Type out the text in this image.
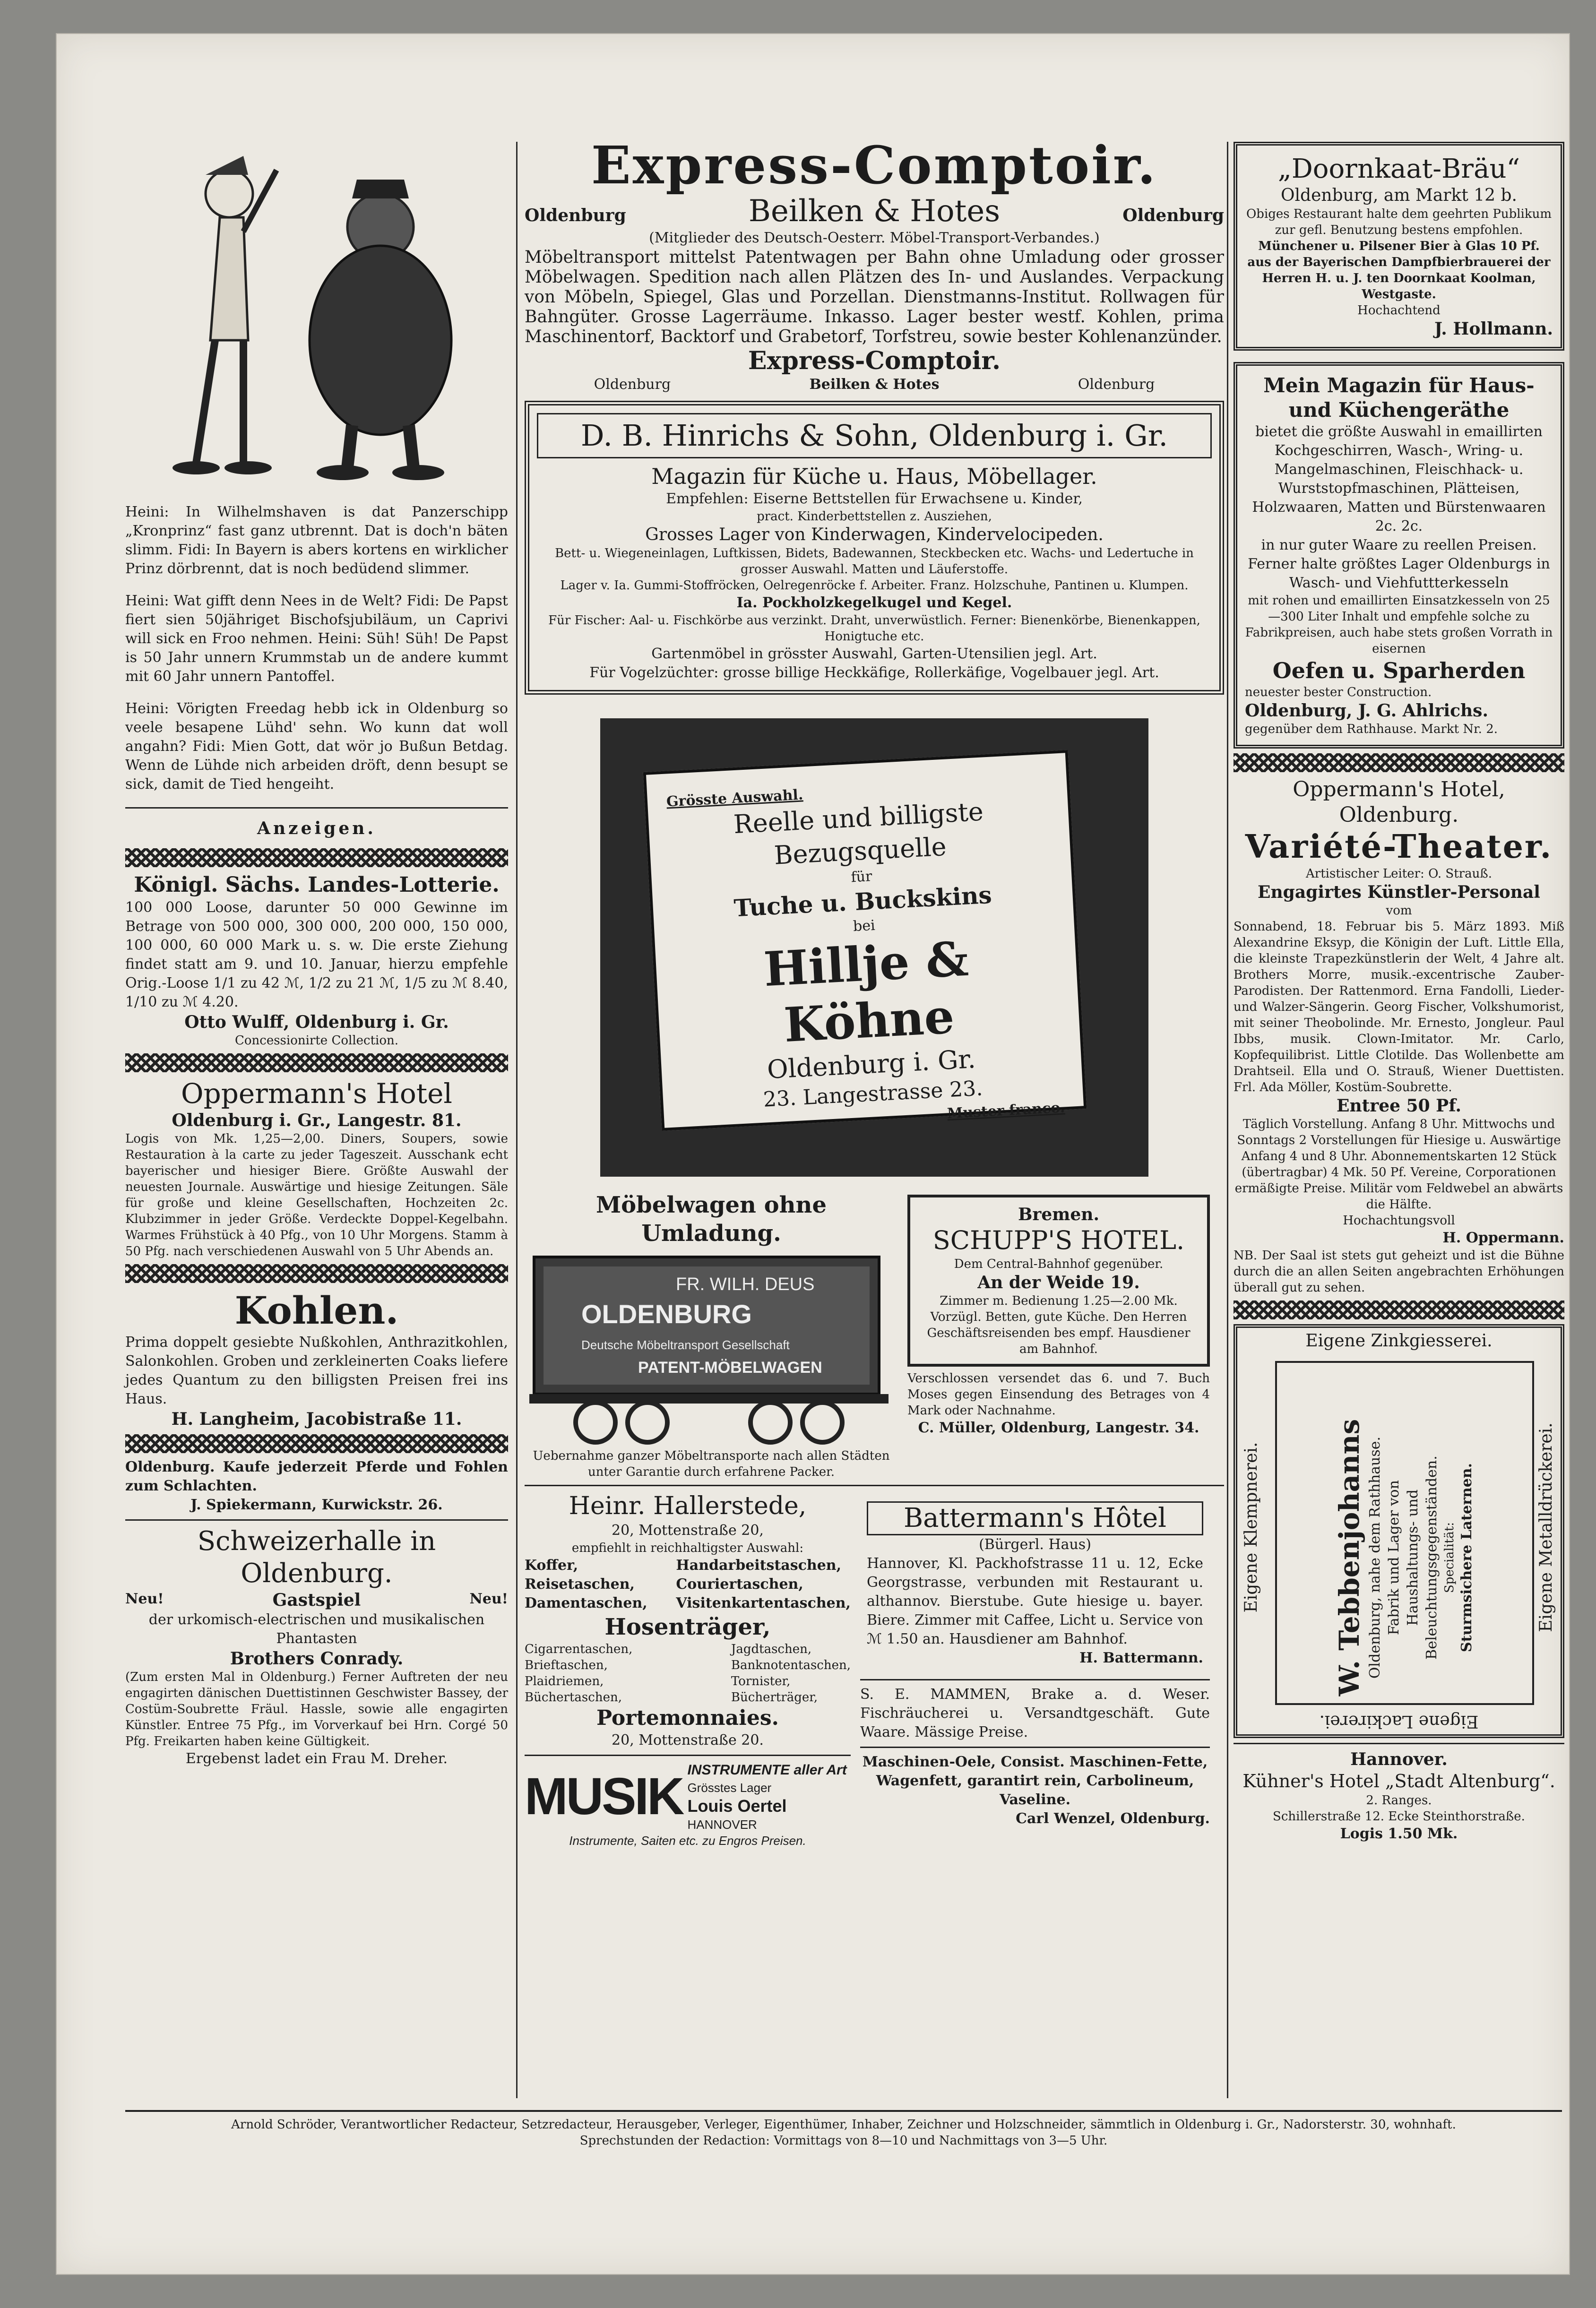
Heini: In Wilhelmshaven is dat Panzerschipp „Kronprinz“ fast ganz utbrennt. Dat is doch'n bäten slimm. Fidi: In Bayern is abers kortens en wirklicher Prinz dörbrennt, dat is noch bedüdend slimmer.

Heini: Wat gifft denn Nees in de Welt? Fidi: De Papst fiert sien 50jähriget Bischofsjubiläum, un Caprivi will sick en Froo nehmen. Heini: Süh! Süh! De Papst is 50 Jahr unnern Krummstab un de andere kummt mit 60 Jahr unnern Pantoffel.

Heini: Vörigten Freedag hebb ick in Oldenburg so veele besapene Lühd' sehn. Wo kunn dat woll angahn? Fidi: Mien Gott, dat wör jo Bußun Betdag. Wenn de Lühde nich arbeiden dröft, denn besupt se sick, damit de Tied hengeiht.

Anzeigen.
Königl. Sächs. Landes-Lotterie.

100 000 Loose, darunter 50 000 Gewinne im Betrage von 500 000, 300 000, 200 000, 150 000, 100 000, 60 000 Mark u. s. w. Die erste Ziehung findet statt am 9. und 10. Januar, hierzu empfehle Orig.-Loose 1/1 zu 42 ℳ, 1/2 zu 21 ℳ, 1/5 zu ℳ 8.40, 1/10 zu ℳ 4.20.

Otto Wulff, Oldenburg i. Gr.
Concessionirte Collection.
Oppermann's Hotel
Oldenburg i. Gr., Langestr. 81.

Logis von Mk. 1,25—2,00. Diners, Soupers, sowie Restauration à la carte zu jeder Tageszeit. Ausschank echt bayerischer und hiesiger Biere. Größte Auswahl der neuesten Journale. Auswärtige und hiesige Zeitungen. Säle für große und kleine Gesellschaften, Hochzeiten 2c. Klubzimmer in jeder Größe. Verdeckte Doppel-Kegelbahn. Warmes Frühstück à 40 Pfg., von 10 Uhr Morgens. Stamm à 50 Pfg. nach verschiedenen Auswahl von 5 Uhr Abends an.

Kohlen.

Prima doppelt gesiebte Nußkohlen, Anthrazitkohlen, Salonkohlen. Groben und zerkleinerten Coaks liefere jedes Quantum zu den billigsten Preisen frei ins Haus.

H. Langheim, Jacobistraße 11.

Oldenburg. Kaufe jederzeit Pferde und Fohlen zum Schlachten.

J. Spiekermann, Kurwickstr. 26.
Schweizerhalle in Oldenburg.
Neu!	Gastspiel	Neu!

der urkomisch-electrischen und musikalischen Phantasten

Brothers Conrady.

(Zum ersten Mal in Oldenburg.) Ferner Auftreten der neu engagirten dänischen Duettistinnen Geschwister Bassey, der Costüm-Soubrette Fräul. Hassle, sowie alle engagirten Künstler. Entree 75 Pfg., im Vorverkauf bei Hrn. Corgé 50 Pfg. Freikarten haben keine Gültigkeit.

Ergebenst ladet ein Frau M. Dreher.
Express-Comptoir.
Oldenburg	Beilken & Hotes	Oldenburg
(Mitglieder des Deutsch-Oesterr. Möbel-Transport-Verbandes.)

Möbeltransport mittelst Patentwagen per Bahn ohne Umladung oder grosser Möbelwagen. Spedition nach allen Plätzen des In- und Auslandes. Verpackung von Möbeln, Spiegel, Glas und Porzellan. Dienstmanns-Institut. Rollwagen für Bahngüter. Grosse Lagerräume. Inkasso. Lager bester westf. Kohlen, prima Maschinentorf, Backtorf und Grabetorf, Torfstreu, sowie bester Kohlenanzünder.

Express-Comptoir.
Oldenburg	Beilken & Hotes	Oldenburg
D. B. Hinrichs & Sohn, Oldenburg i. Gr.
Magazin für Küche u. Haus, Möbellager.
Empfehlen: Eiserne Bettstellen für Erwachsene u. Kinder,
pract. Kinderbettstellen z. Ausziehen,
Grosses Lager von Kinderwagen, Kindervelocipeden.
Bett- u. Wiegeneinlagen, Luftkissen, Bidets, Badewannen, Steckbecken etc. Wachs- und Ledertuche in grosser Auswahl. Matten und Läuferstoffe.
Lager v. Ia. Gummi-Stoffröcken, Oelregenröcke f. Arbeiter. Franz. Holzschuhe, Pantinen u. Klumpen.
Ia. Pockholzkegelkugel und Kegel.
Für Fischer: Aal- u. Fischkörbe aus verzinkt. Draht, unverwüstlich. Ferner: Bienenkörbe, Bienenkappen, Honigtuche etc.
Gartenmöbel in grösster Auswahl, Garten-Utensilien jegl. Art.
Für Vogelzüchter: grosse billige Heckkäfige, Rollerkäfige, Vogelbauer jegl. Art.
Grösste Auswahl.
Reelle und billigste Bezugsquelle
für
Tuche u. Buckskins
bei
Hillje & Köhne
Oldenburg i. Gr.
23. Langestrasse 23.
Muster franco.
Möbelwagen ohne Umladung.
FR. WILH. DEUS
OLDENBURG
Deutsche Möbeltransport Gesellschaft
PATENT-MÖBELWAGEN

Uebernahme ganzer Möbeltransporte nach allen Städten unter Garantie durch erfahrene Packer.

Bremen.
SCHUPP'S HOTEL.
Dem Central-Bahnhof gegenüber.
An der Weide 19.

Zimmer m. Bedienung 1.25—2.00 Mk. Vorzügl. Betten, gute Küche. Den Herren Geschäftsreisenden bes empf. Hausdiener am Bahnhof.

Verschlossen versendet das 6. und 7. Buch Moses gegen Einsendung des Betrages von 4 Mark oder Nachnahme.

C. Müller, Oldenburg, Langestr. 34.
Heinr. Hallerstede,
20, Mottenstraße 20,
empfiehlt in reichhaltigster Auswahl:
Koffer,
Reisetaschen,
Damentaschen,
Handarbeitstaschen,
Couriertaschen,
Visitenkartentaschen,
Hosenträger,
Cigarrentaschen,
Brieftaschen,
Plaidriemen,
Büchertaschen,
Jagdtaschen,
Banknotentaschen,
Tornister,
Bücherträger,
Portemonnaies.
20, Mottenstraße 20.
MUSIK INSTRUMENTE aller Art
Grösstes Lager
Louis Oertel
HANNOVER
Instrumente, Saiten etc. zu Engros Preisen.
Battermann's Hôtel
(Bürgerl. Haus)

Hannover, Kl. Packhofstrasse 11 u. 12, Ecke Georgstrasse, verbunden mit Restaurant u. althannov. Bierstube. Gute hiesige u. bayer. Biere. Zimmer mit Caffee, Licht u. Service von ℳ 1.50 an. Hausdiener am Bahnhof.

H. Battermann.

S. E. MAMMEN, Brake a. d. Weser. Fischräucherei u. Versandtgeschäft. Gute Waare. Mässige Preise.

Maschinen-Oele, Consist. Maschinen-Fette, Wagenfett, garantirt rein, Carbolineum, Vaseline.

Carl Wenzel, Oldenburg.
„Doornkaat-Bräu“
Oldenburg, am Markt 12 b.

Obiges Restaurant halte dem geehrten Publikum zur gefl. Benutzung bestens empfohlen.

Münchener u. Pilsener Bier à Glas 10 Pf. aus der Bayerischen Dampfbierbrauerei der Herren H. u. J. ten Doornkaat Koolman, Westgaste.

Hochachtend
J. Hollmann.
Mein Magazin für Haus- und Küchengeräthe

bietet die größte Auswahl in emaillirten Kochgeschirren, Wasch-, Wring- u. Mangelmaschinen, Fleischhack- u. Wurststopfmaschinen, Plätteisen, Holzwaaren, Matten und Bürstenwaaren 2c. 2c.

in nur guter Waare zu reellen Preisen. Ferner halte größtes Lager Oldenburgs in Wasch- und Viehfuttterkesseln

mit rohen und emaillirten Einsatzkesseln von 25—300 Liter Inhalt und empfehle solche zu Fabrikpreisen, auch habe stets großen Vorrath in eisernen

Oefen u. Sparherden
neuester bester Construction.
Oldenburg, J. G. Ahlrichs.
gegenüber dem Rathhause. Markt Nr. 2.
Oppermann's Hotel, Oldenburg.
Variété-Theater.
Artistischer Leiter: O. Strauß.
Engagirtes Künstler-Personal
vom

Sonnabend, 18. Februar bis 5. März 1893. Miß Alexandrine Eksyp, die Königin der Luft. Little Ella, die kleinste Trapezkünstlerin der Welt, 4 Jahre alt. Brothers Morre, musik.-excentrische Zauber-Parodisten. Der Rattenmord. Erna Fandolli, Lieder- und Walzer-Sängerin. Georg Fischer, Volkshumorist, mit seiner Theobolinde. Mr. Ernesto, Jongleur. Paul Ibbs, musik. Clown-Imitator. Mr. Carlo, Kopfequilibrist. Little Clotilde. Das Wollenbette am Drahtseil. Ella und O. Strauß, Wiener Duettisten. Frl. Ada Möller, Kostüm-Soubrette.

Entree 50 Pf.

Täglich Vorstellung. Anfang 8 Uhr. Mittwochs und Sonntags 2 Vorstellungen für Hiesige u. Auswärtige Anfang 4 und 8 Uhr. Abonnementskarten 12 Stück (übertragbar) 4 Mk. 50 Pf. Vereine, Corporationen ermäßigte Preise. Militär vom Feldwebel an abwärts die Hälfte.

Hochachtungsvoll
H. Oppermann.

NB. Der Saal ist stets gut geheizt und ist die Bühne durch die an allen Seiten angebrachten Erhöhungen überall gut zu sehen.

Eigene Zinkgiesserei.
Eigene Lackirerei.
Eigene Klempnerei.	Eigene Metalldrückerei.
W. Tebbenjohanns Oldenburg, nahe dem Rathhause. Fabrik und Lager von Haushaltungs- und Beleuchtungsgegenständen. Specialität: Sturmsichere Laternen.
Hannover.
Kühner's Hotel „Stadt Altenburg“.
2. Ranges.
Schillerstraße 12. Ecke Steinthorstraße.
Logis 1.50 Mk.
Arnold Schröder, Verantwortlicher Redacteur, Setzredacteur, Herausgeber, Verleger, Eigenthümer, Inhaber, Zeichner und Holzschneider, sämmtlich in Oldenburg i. Gr., Nadorsterstr. 30, wohnhaft.
Sprechstunden der Redaction: Vormittags von 8—10 und Nachmittags von 3—5 Uhr.
